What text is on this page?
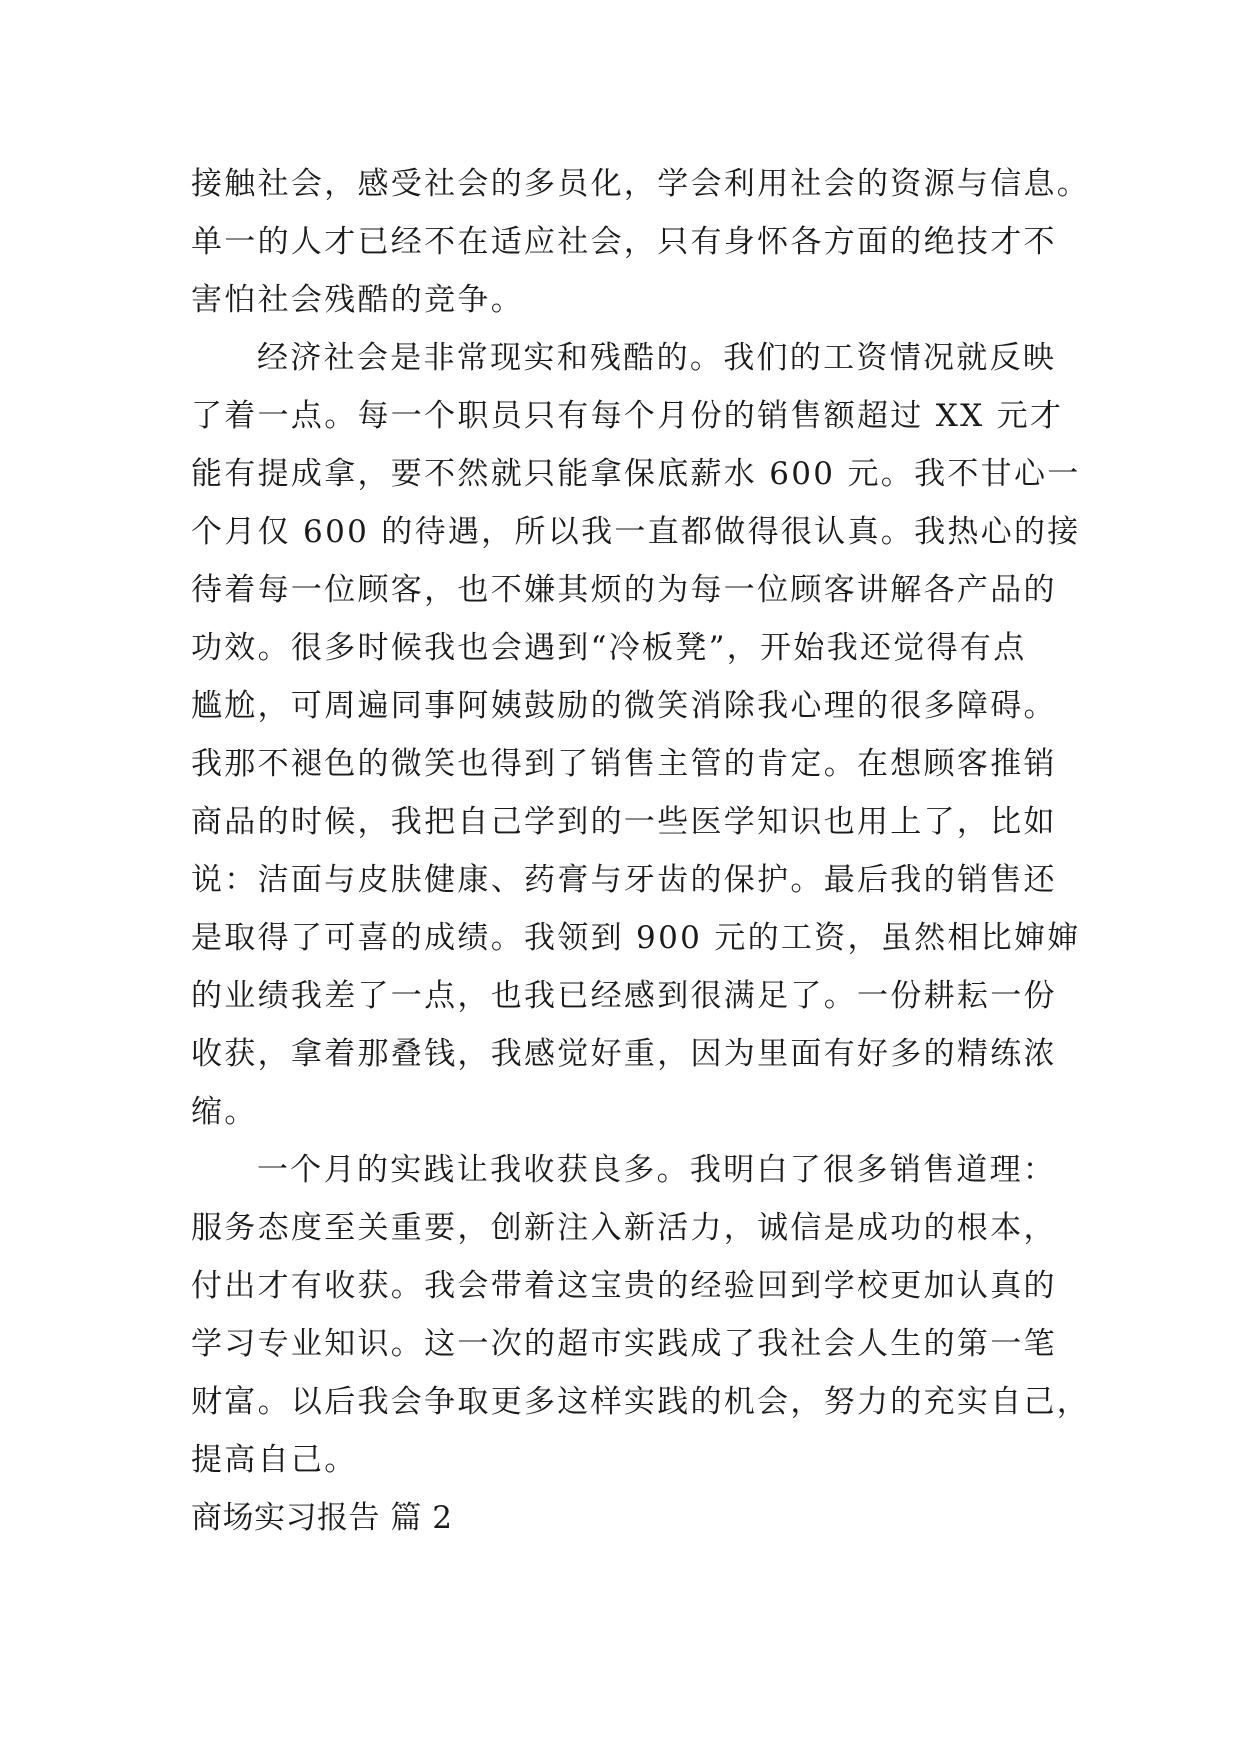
接触社会，感受社会的多员化，学会利用社会的资源与信息。
单一的人才已经不在适应社会，只有身怀各方面的绝技才不
害怕社会残酷的竞争。
经济社会是非常现实和残酷的。我们的工资情况就反映
了着一点。每一个职员只有每个月份的销售额超过 XX 元才
能有提成拿，要不然就只能拿保底薪水 600 元。我不甘心一
个月仅 600 的待遇，所以我一直都做得很认真。我热心的接
待着每一位顾客，也不嫌其烦的为每一位顾客讲解各产品的
功效。很多时候我也会遇到“冷板凳”，开始我还觉得有点
尴尬，可周遍同事阿姨鼓励的微笑消除我心理的很多障碍。
我那不褪色的微笑也得到了销售主管的肯定。在想顾客推销
商品的时候，我把自己学到的一些医学知识也用上了，比如
说：洁面与皮肤健康、药膏与牙齿的保护。最后我的销售还
是取得了可喜的成绩。我领到 900 元的工资，虽然相比婶婶
的业绩我差了一点，也我已经感到很满足了。一份耕耘一份
收获，拿着那叠钱，我感觉好重，因为里面有好多的精练浓
缩。
一个月的实践让我收获良多。我明白了很多销售道理：
服务态度至关重要，创新注入新活力，诚信是成功的根本，
付出才有收获。我会带着这宝贵的经验回到学校更加认真的
学习专业知识。这一次的超市实践成了我社会人生的第一笔
财富。以后我会争取更多这样实践的机会，努力的充实自己，
提高自己。
商场实习报告 篇 2
